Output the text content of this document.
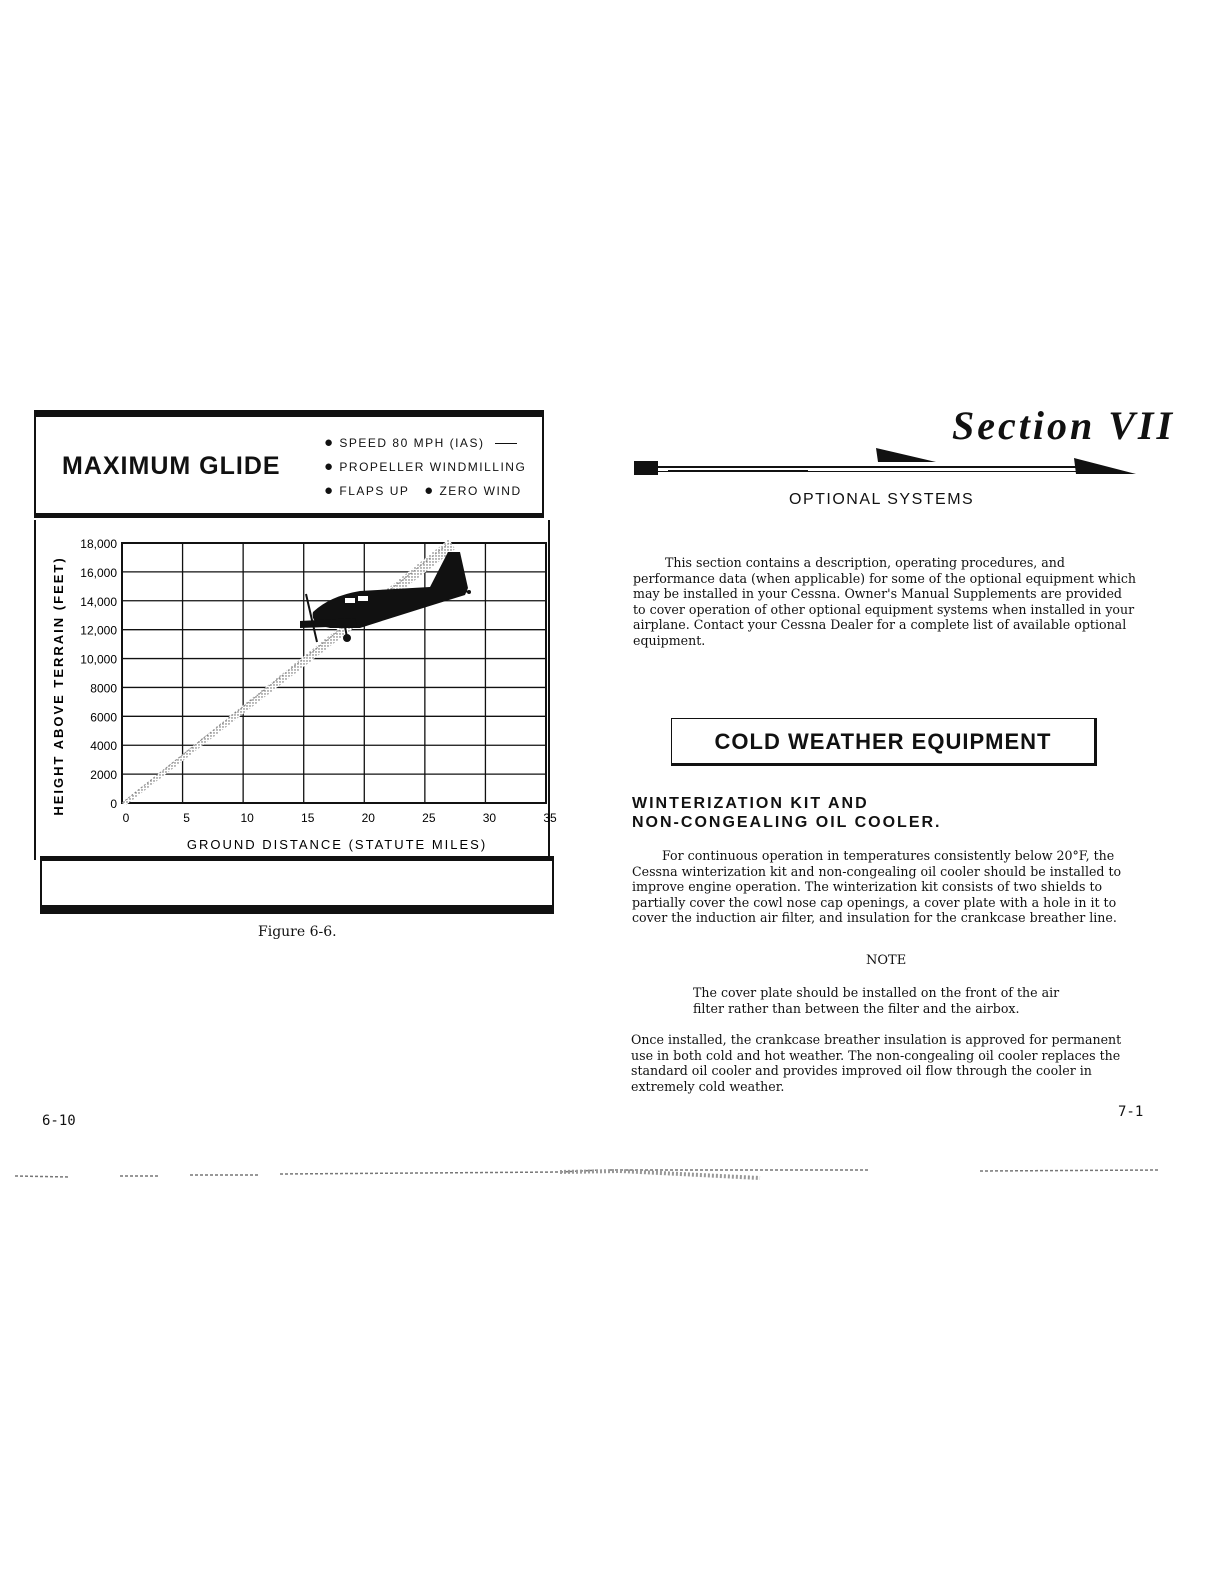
MAXIMUM GLIDE
● SPEED 80 MPH (IAS)
● PROPELLER WINDMILLING
● FLAPS UP ● ZERO WIND
0	5	10	15	20	25	30	35
0
2000
4000
6000
8000
10,000
12,000
14,000
16,000
18,000
GROUND DISTANCE (STATUTE MILES)
HEIGHT ABOVE TERRAIN (FEET)
Figure 6-6.
6-10
Section VII
OPTIONAL SYSTEMS
This section contains a description, operating procedures, and performance data (when applicable) for some of the optional equipment which may be installed in your Cessna. Owner's Manual Supplements are provided to cover operation of other optional equipment systems when installed in your airplane. Contact your Cessna Dealer for a complete list of available optional equipment.
COLD WEATHER EQUIPMENT
WINTERIZATION KIT AND
NON-CONGEALING OIL COOLER.
For continuous operation in temperatures consistently below 20°F, the Cessna winterization kit and non-congealing oil cooler should be installed to improve engine operation. The winterization kit consists of two shields to partially cover the cowl nose cap openings, a cover plate with a hole in it to cover the induction air filter, and insulation for the crankcase breather line.
NOTE
The cover plate should be installed on the front of the air filter rather than between the filter and the airbox.
Once installed, the crankcase breather insulation is approved for permanent use in both cold and hot weather. The non-congealing oil cooler replaces the standard oil cooler and provides improved oil flow through the cooler in extremely cold weather.
7-1
